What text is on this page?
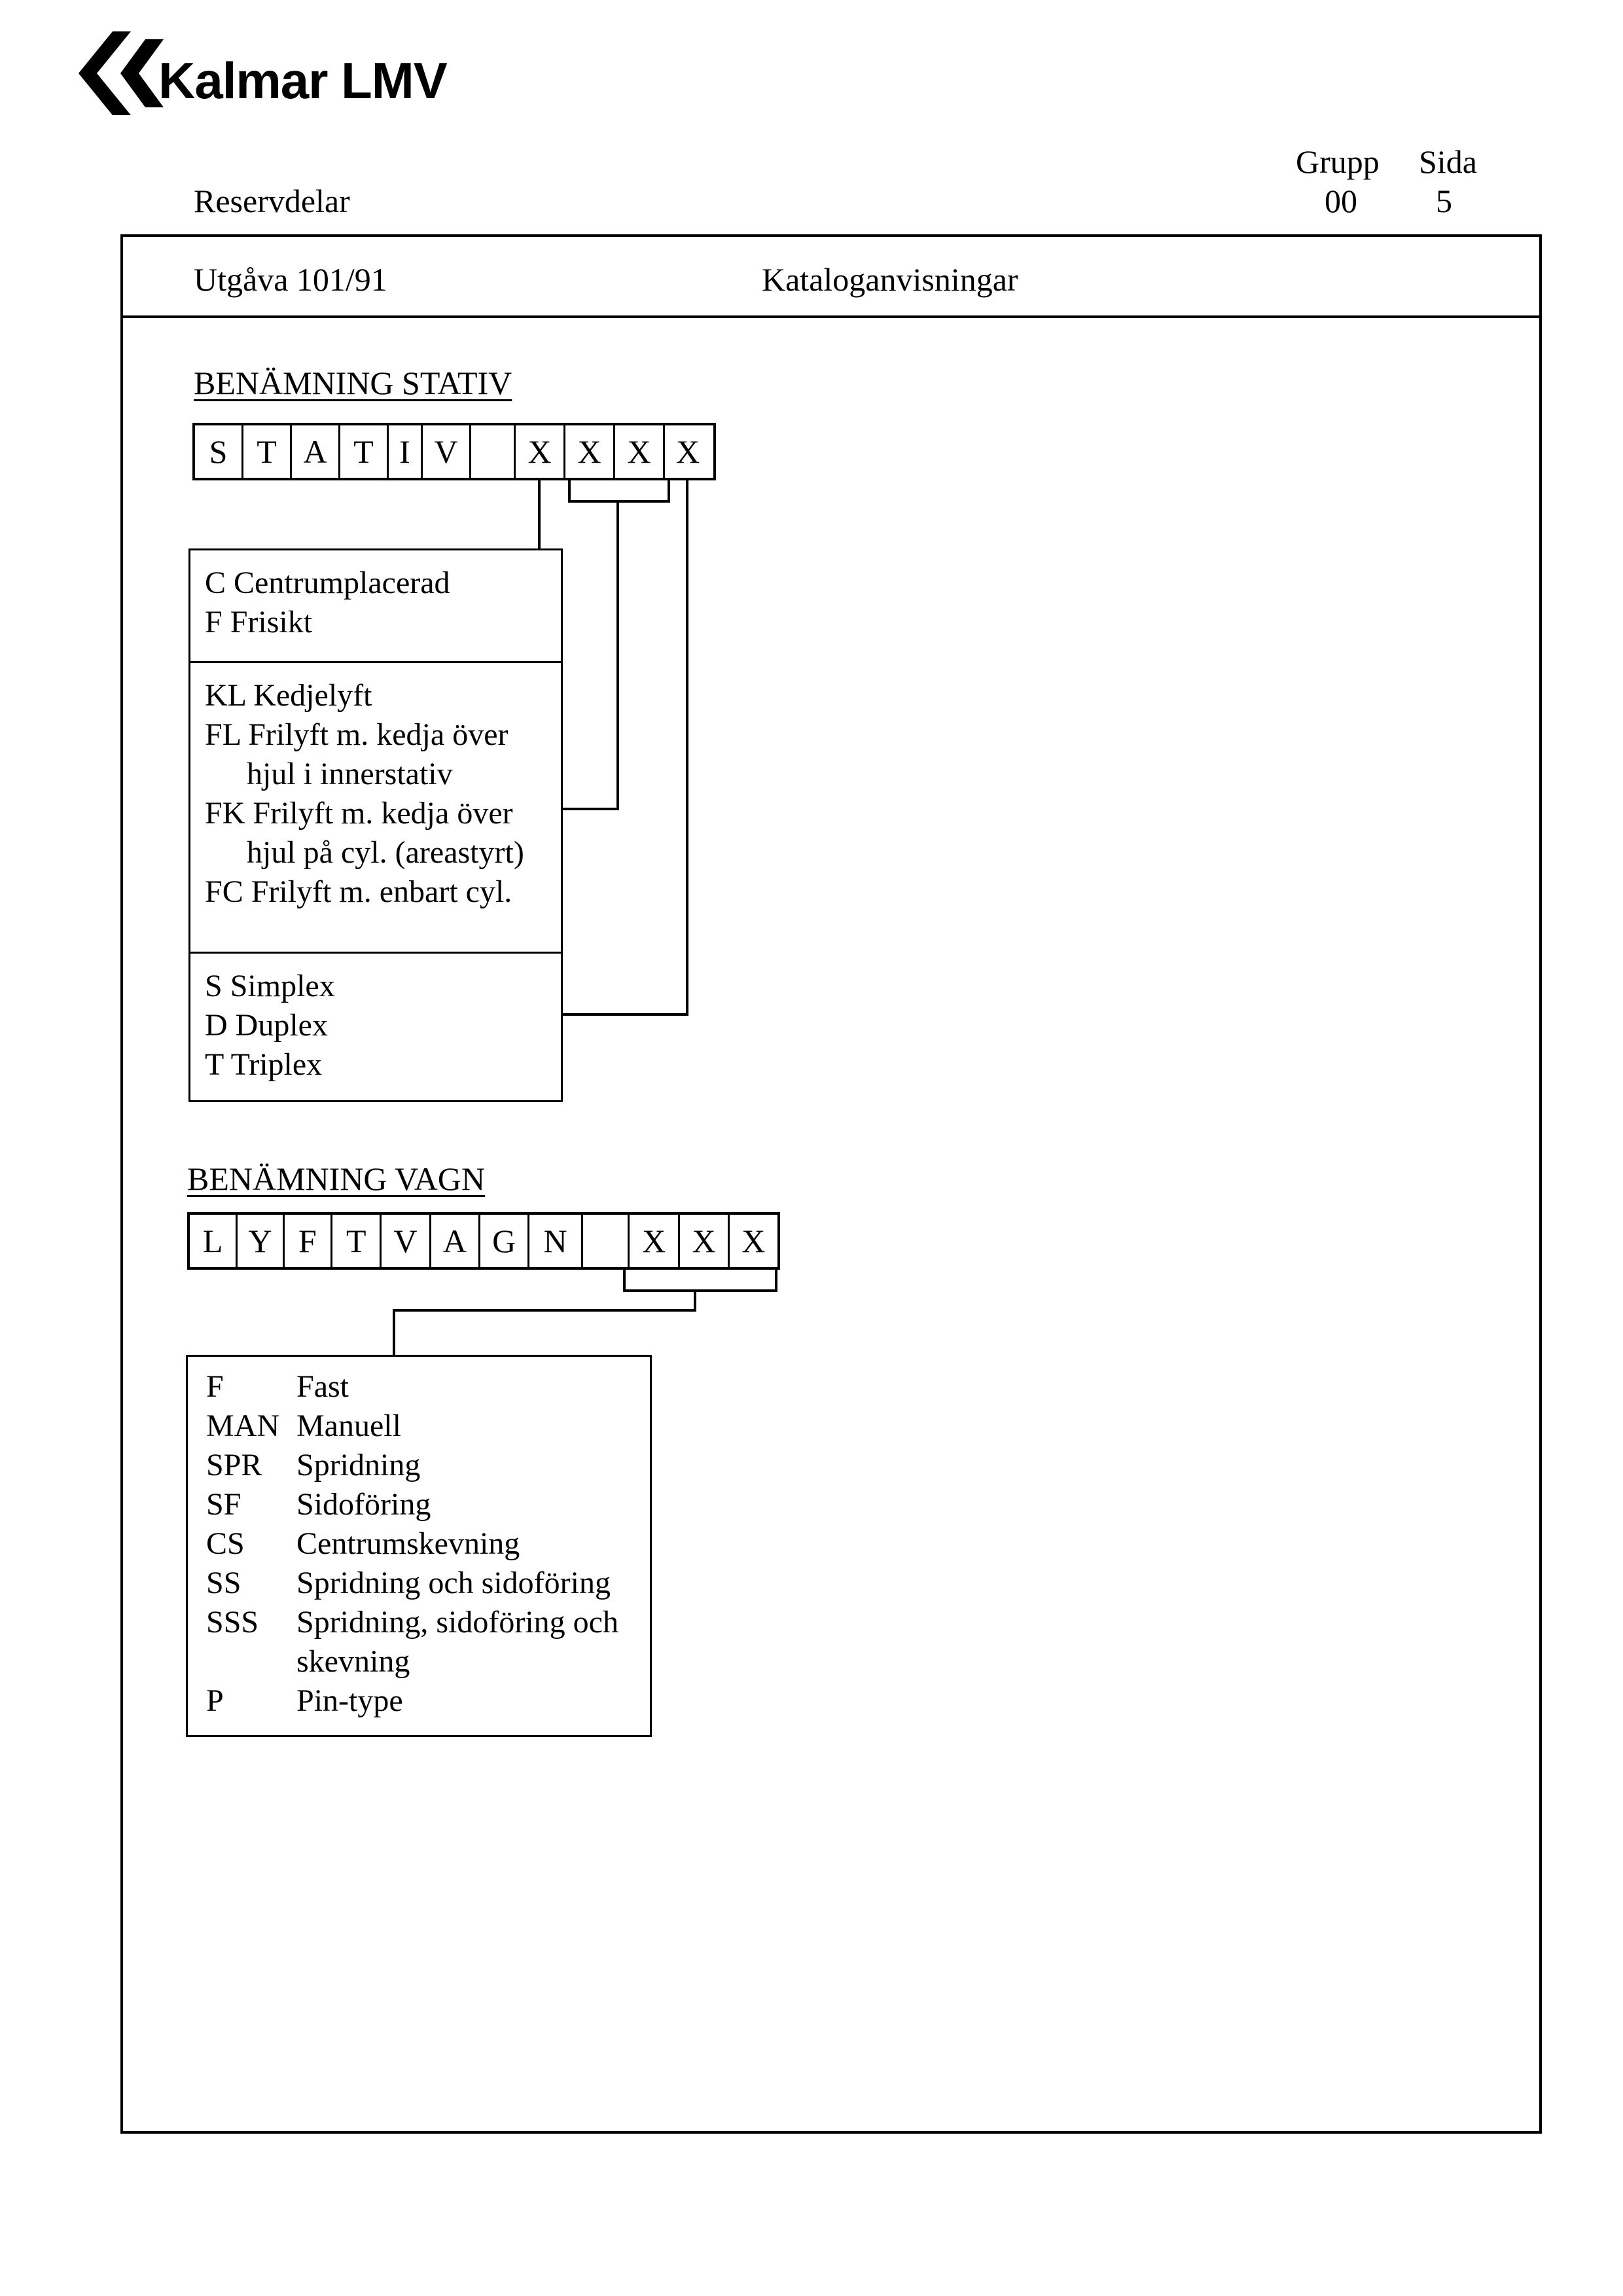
Kalmar LMV
Reservdelar
Grupp Sida
00 5
Utgåva 101/91	Kataloganvisningar
BENÄMNING STATIV
S T A T I V	X X X X
C Centrumplacerad
F Frisikt
KL Kedjelyft
FL Frilyft m. kedja över
hjul i innerstativ
FK Frilyft m. kedja över
hjul på cyl. (areastyrt)
FC Frilyft m. enbart cyl.
S Simplex
D Duplex
T Triplex
BENÄMNING VAGN
L Y F T V A G N	X X X
F Fast
MAN Manuell
SPR Spridning
SF Sidoföring
CS Centrumskevning
SS Spridning och sidoföring
SSS Spridning, sidoföring och
skevning
P Pin-type
